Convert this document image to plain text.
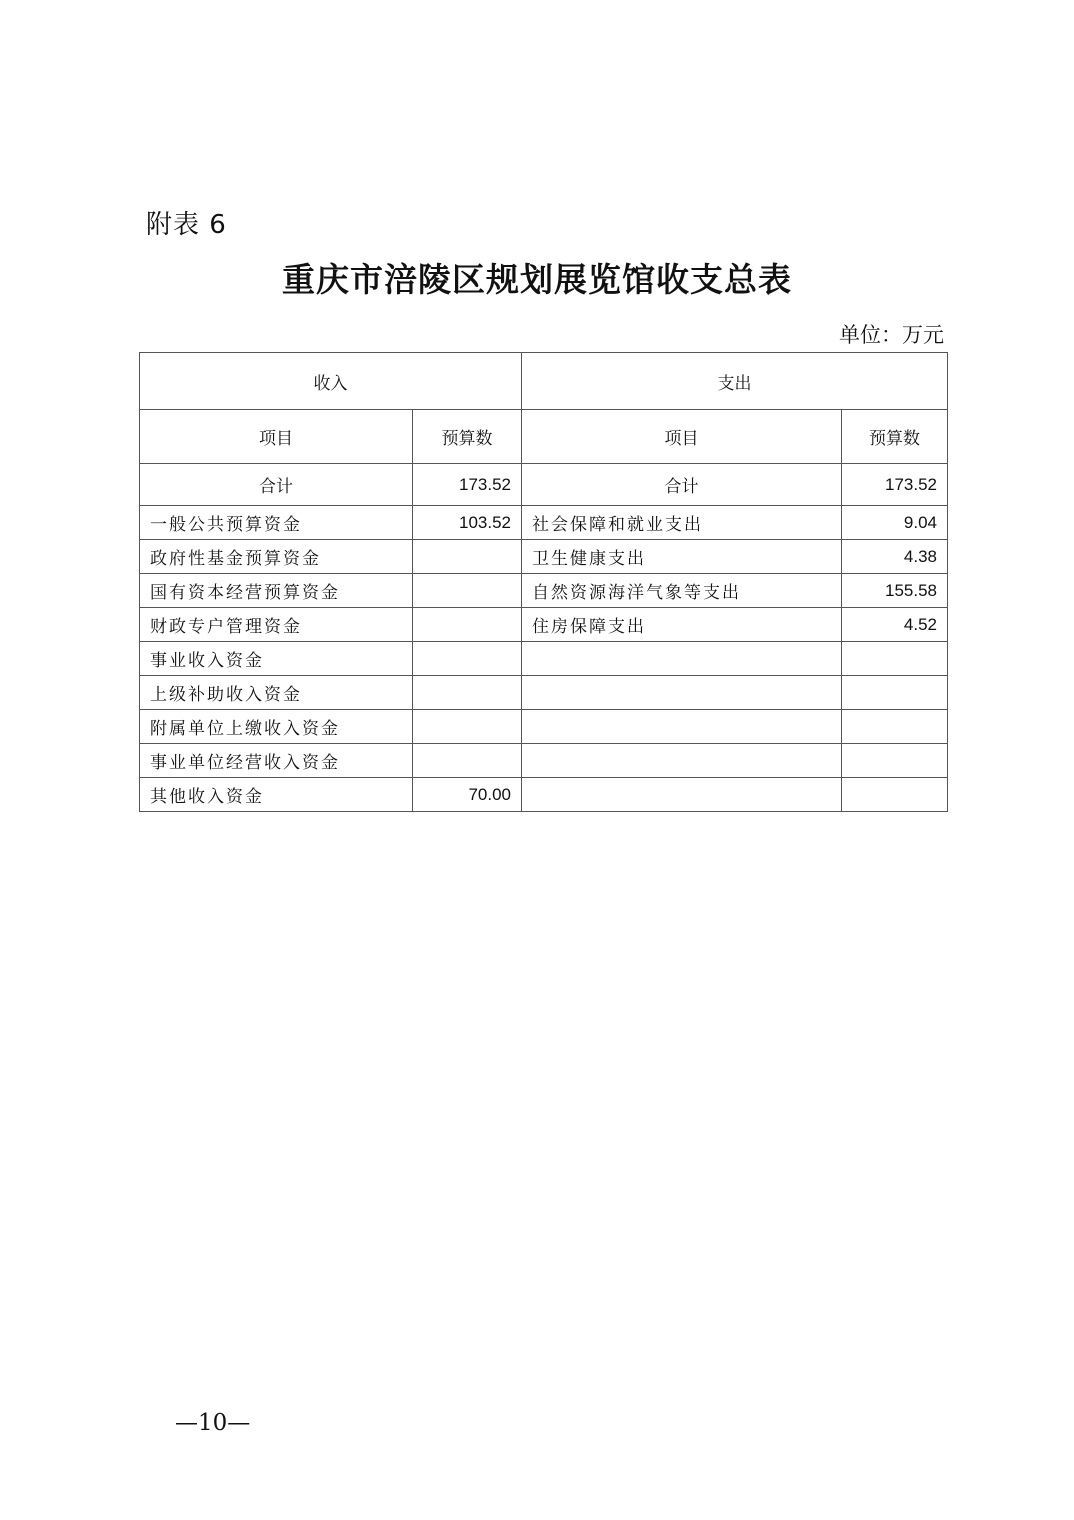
附表 6
重庆市涪陵区规划展览馆收支总表
单位：万元
收入		支出	
项目	预算数	项目	预算数
合计	173.52	合计	173.52
一般公共预算资金	103.52	社会保障和就业支出	9.04
政府性基金预算资金		卫生健康支出	4.38
国有资本经营预算资金		自然资源海洋气象等支出	155.58
财政专户管理资金		住房保障支出	4.52
事业收入资金			
上级补助收入资金			
附属单位上缴收入资金			
事业单位经营收入资金			
其他收入资金	70.00		
—10—
